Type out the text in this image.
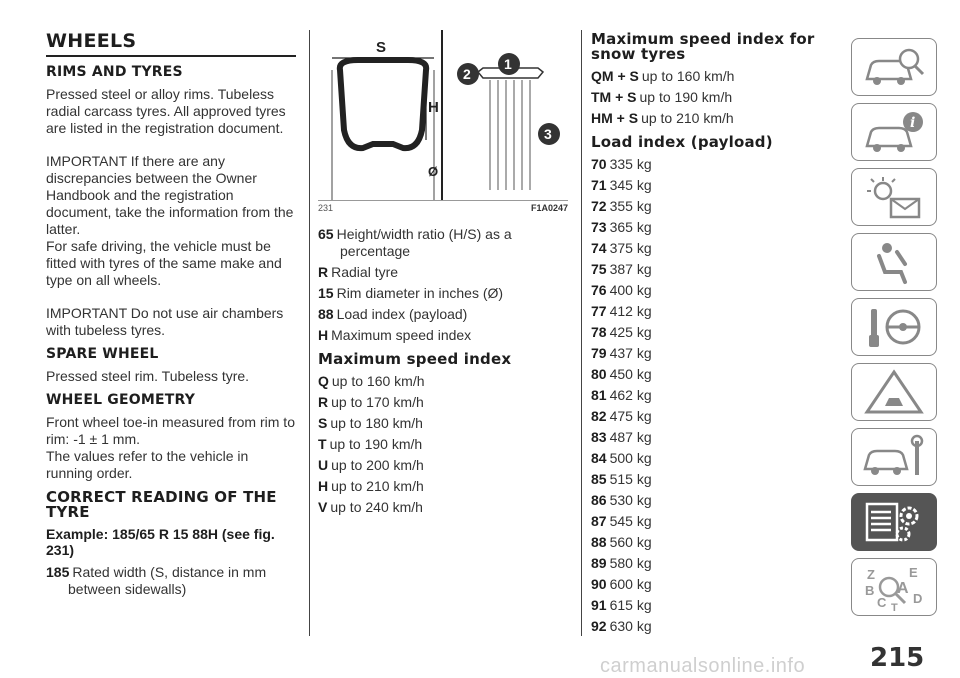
WHEELS
RIMS AND TYRES

Pressed steel or alloy rims. Tubeless radial carcass tyres. All approved tyres are listed in the registration document.

IMPORTANT If there are any discrepancies between the Owner Handbook and the registration document, take the information from the latter.

For safe driving, the vehicle must be fitted with tyres of the same make and type on all wheels.

IMPORTANT Do not use air chambers with tubeless tyres.

SPARE WHEEL

Pressed steel rim. Tubeless tyre.

WHEEL GEOMETRY

Front wheel toe-in measured from rim to rim: -1 ± 1 mm.

The values refer to the vehicle in running order.

CORRECT READING OF THE TYRE
Example: 185/65 R 15 88H (see fig. 231)
185 Rated width (S, distance in mm between sidewalls)
S
H
Ø
2
1
3
231	F1A0247
65 Height/width ratio (H/S) as a percentage
R Radial tyre
15 Rim diameter in inches (Ø)
88 Load index (payload)
H Maximum speed index
Maximum speed index
Q up to 160 km/h
R up to 170 km/h
S up to 180 km/h
T up to 190 km/h
U up to 200 km/h
H up to 210 km/h
V up to 240 km/h
Maximum speed index for snow tyres
QM + S up to 160 km/h
TM + S up to 190 km/h
HM + S up to 210 km/h
Load index (payload)
70 335 kg
71 345 kg
72 355 kg
73 365 kg
74 375 kg
75 387 kg
76 400 kg
77 412 kg
78 425 kg
79 437 kg
80 450 kg
81 462 kg
82 475 kg
83 487 kg
84 500 kg
85 515 kg
86 530 kg
87 545 kg
88 560 kg
89 580 kg
90 600 kg
91 615 kg
92 630 kg
i
Z	E
B A
C D
T
215
carmanualsonline.info
